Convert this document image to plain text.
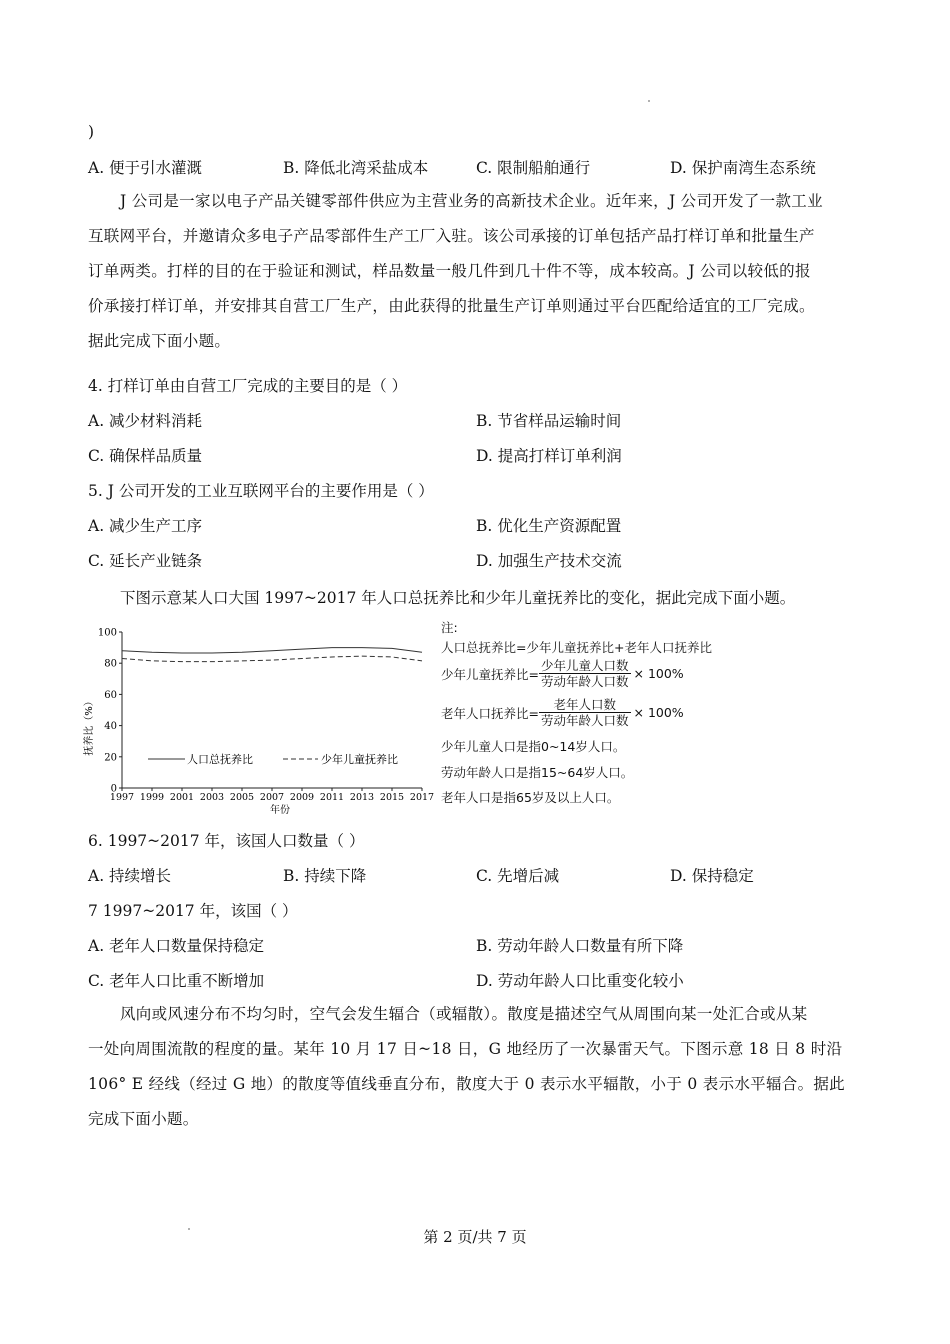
)
A. 便于引水灌溉	B. 降低北湾采盐成本	C. 限制船舶通行	D. 保护南湾生态系统

J 公司是一家以电子产品关键零部件供应为主营业务的高新技术企业。近年来，J 公司开发了一款工业

互联网平台，并邀请众多电子产品零部件生产工厂入驻。该公司承接的订单包括产品打样订单和批量生产

订单两类。打样的目的在于验证和测试，样品数量一般几件到几十件不等，成本较高。J 公司以较低的报

价承接打样订单，并安排其自营工厂生产，由此获得的批量生产订单则通过平台匹配给适宜的工厂完成。

据此完成下面小题。

4. 打样订单由自营工厂完成的主要目的是（ ）
A. 减少材料消耗	B. 节省样品运输时间
C. 确保样品质量	D. 提高打样订单利润
5. J 公司开发的工业互联网平台的主要作用是（ ）
A. 减少生产工序	B. 优化生产资源配置
C. 延长产业链条	D. 加强生产技术交流
下图示意某人口大国 1997~2017 年人口总抚养比和少年儿童抚养比的变化，据此完成下面小题。
0
20
40
60
80
100
1997 1999 2001 2003 2005 2007 2009 2011 2013 2015 2017
人口总抚养比	少年儿童抚养比
抚养比（%）
年份
注:
人口总抚养比=少年儿童抚养比+老年人口抚养比
少年儿童抚养比= $\frac{\text{少年儿童人口数}}{\text{劳动年龄人口数}} \times 100\%$
老年人口抚养比= $\frac{\text{老年人口数}}{\text{劳动年龄人口数}} \times 100\%$
少年儿童人口是指0~14岁人口。
劳动年龄人口是指15~64岁人口。
老年人口是指65岁及以上人口。
6. 1997~2017 年，该国人口数量（ ）
A. 持续增长	B. 持续下降	C. 先增后减	D. 保持稳定
7 1997~2017 年，该国（ ）
A. 老年人口数量保持稳定	B. 劳动年龄人口数量有所下降
C. 老年人口比重不断增加	D. 劳动年龄人口比重变化较小

风向或风速分布不均匀时，空气会发生辐合（或辐散）。散度是描述空气从周围向某一处汇合或从某

一处向周围流散的程度的量。某年 10 月 17 日~18 日，G 地经历了一次暴雷天气。下图示意 18 日 8 时沿

106° E 经线（经过 G 地）的散度等值线垂直分布，散度大于 0 表示水平辐散，小于 0 表示水平辐合。据此

完成下面小题。

第 2 页/共 7 页
